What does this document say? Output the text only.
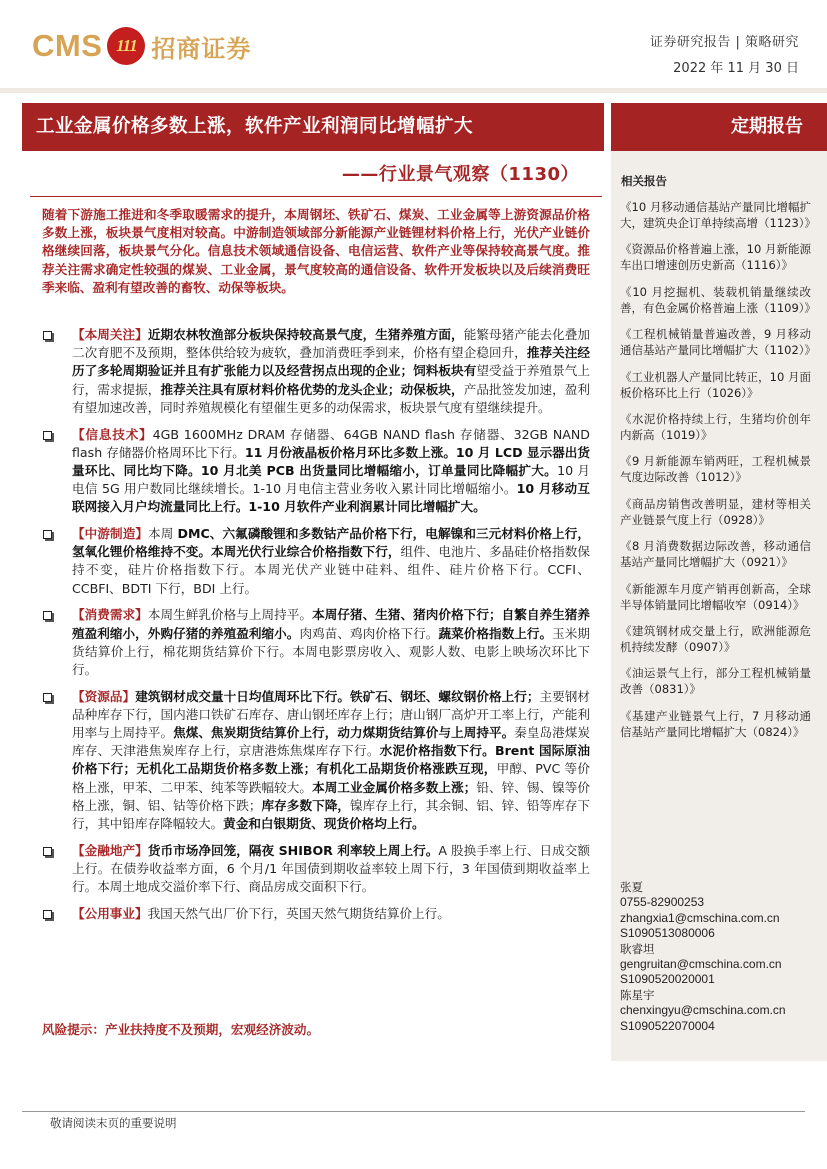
CMS 111 招商证券	证券研究报告 | 策略研究
2022 年 11 月 30 日
工业金属价格多数上涨，软件产业利润同比增幅扩大	定期报告
——行业景气观察（1130）

随着下游施工推进和冬季取暖需求的提升，本周钢坯、铁矿石、煤炭、工业金属等上游资源品价格多数上涨，板块景气度相对较高。中游制造领域部分新能源产业链锂材料价格上行，光伏产业链价格继续回落，板块景气分化。信息技术领域通信设备、电信运营、软件产业等保持较高景气度。推荐关注需求确定性较强的煤炭、工业金属，景气度较高的通信设备、软件开发板块以及后续消费旺季来临、盈利有望改善的畜牧、动保等板块。

【本周关注】近期农林牧渔部分板块保持较高景气度，生猪养殖方面，能繁母猪产能去化叠加二次育肥不及预期，整体供给较为疲软，叠加消费旺季到来，价格有望企稳回升，推荐关注经历了多轮周期验证并且有扩张能力以及经营拐点出现的企业；饲料板块有望受益于养殖景气上行，需求提振，推荐关注具有原材料价格优势的龙头企业；动保板块，产品批签发加速，盈利有望加速改善，同时养殖规模化有望催生更多的动保需求，板块景气度有望继续提升。
【信息技术】4GB 1600MHz DRAM 存储器、64GB NAND flash 存储器、32GB NAND flash 存储器价格周环比下行。11 月份液晶板价格月环比多数上涨。10 月 LCD 显示器出货量环比、同比均下降。10 月北美 PCB 出货量同比增幅缩小，订单量同比降幅扩大。10 月电信 5G 用户数同比继续增长。1-10 月电信主营业务收入累计同比增幅缩小。10 月移动互联网接入月户均流量同比上行。1-10 月软件产业利润累计同比增幅扩大。
【中游制造】本周 DMC、六氟磷酸锂和多数钴产品价格下行，电解镍和三元材料价格上行，氢氧化锂价格维持不变。本周光伏行业综合价格指数下行，组件、电池片、多晶硅价格指数保持不变，硅片价格指数下行。本周光伏产业链中硅料、组件、硅片价格下行。CCFI、CCBFI、BDTI 下行，BDI 上行。
【消费需求】本周生鲜乳价格与上周持平。本周仔猪、生猪、猪肉价格下行；自繁自养生猪养殖盈利缩小，外购仔猪的养殖盈利缩小。肉鸡苗、鸡肉价格下行。蔬菜价格指数上行。玉米期货结算价上行，棉花期货结算价下行。本周电影票房收入、观影人数、电影上映场次环比下行。
【资源品】建筑钢材成交量十日均值周环比下行。铁矿石、钢坯、螺纹钢价格上行；主要钢材品种库存下行，国内港口铁矿石库存、唐山钢坯库存上行；唐山钢厂高炉开工率上行，产能利用率与上周持平。焦煤、焦炭期货结算价上行，动力煤期货结算价与上周持平。秦皇岛港煤炭库存、天津港焦炭库存上行，京唐港炼焦煤库存下行。水泥价格指数下行。Brent 国际原油价格下行；无机化工品期货价格多数上涨；有机化工品期货价格涨跌互现，甲醇、PVC 等价格上涨，甲苯、二甲苯、纯苯等跌幅较大。本周工业金属价格多数上涨；铅、锌、锡、镍等价格上涨，铜、铝、钴等价格下跌；库存多数下降，镍库存上行，其余铜、铝、锌、铅等库存下行，其中铅库存降幅较大。黄金和白银期货、现货价格均上行。
【金融地产】货币市场净回笼，隔夜 SHIBOR 利率较上周上行。A 股换手率上行、日成交额上行。在债券收益率方面，6 个月/1 年国债到期收益率较上周下行，3 年国债到期收益率上行。本周土地成交溢价率下行、商品房成交面积下行。
【公用事业】我国天然气出厂价下行，英国天然气期货结算价上行。
风险提示：产业扶持度不及预期，宏观经济波动。
相关报告
《10 月移动通信基站产量同比增幅扩大，建筑央企订单持续高增（1123）》
《资源品价格普遍上涨，10 月新能源车出口增速创历史新高（1116）》
《10 月挖掘机、装载机销量继续改善，有色金属价格普遍上涨（1109）》
《工程机械销量普遍改善，9 月移动通信基站产量同比增幅扩大（1102）》
《工业机器人产量同比转正，10 月面板价格环比上行（1026）》
《水泥价格持续上行，生猪均价创年内新高（1019）》
《9 月新能源车销两旺，工程机械景气度边际改善（1012）》
《商品房销售改善明显，建材等相关产业链景气度上行（0928）》
《8 月消费数据边际改善，移动通信基站产量同比增幅扩大（0921）》
《新能源车月度产销再创新高，全球半导体销量同比增幅收窄（0914）》
《建筑钢材成交量上行，欧洲能源危机持续发酵（0907）》
《油运景气上行，部分工程机械销量改善（0831）》
《基建产业链景气上行，7 月移动通信基站产量同比增幅扩大（0824）》
张夏
0755-82900253
zhangxia1@cmschina.com.cn
S1090513080006
耿睿坦
gengruitan@cmschina.com.cn
S1090520020001
陈星宇
chenxingyu@cmschina.com.cn
S1090522070004
敬请阅读末页的重要说明
